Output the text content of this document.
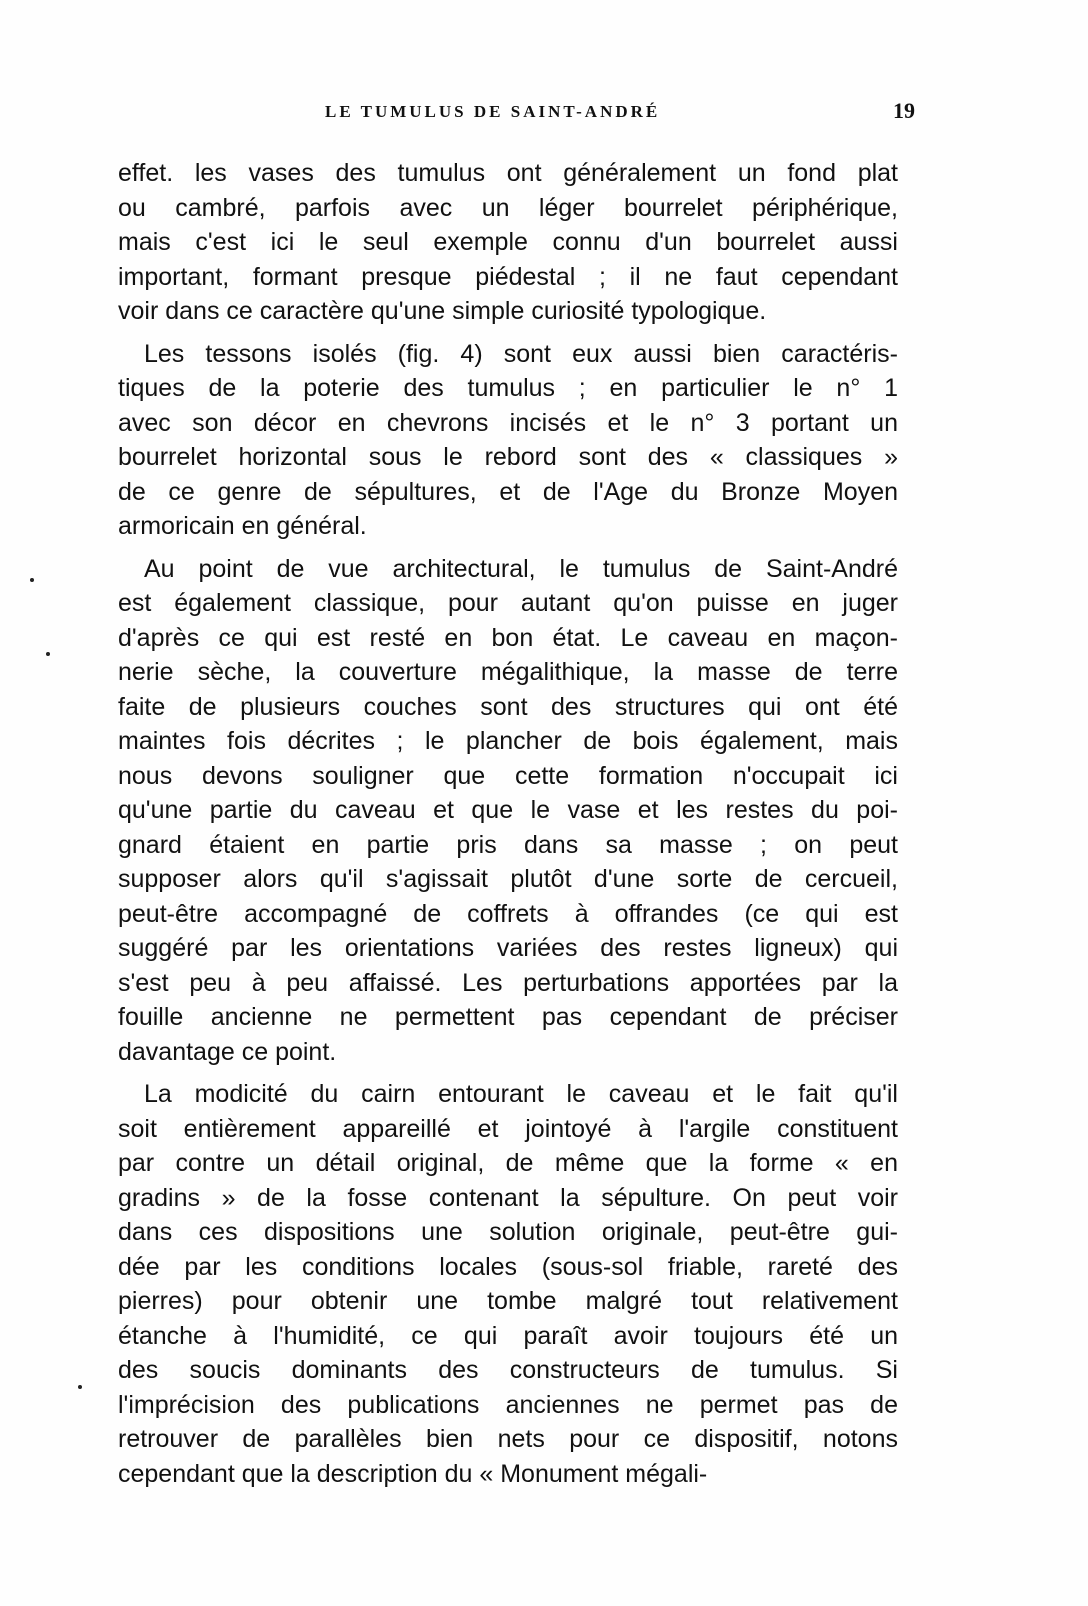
LE TUMULUS DE SAINT-ANDRÉ	19
effet. les vases des tumulus ont généralement un fond plat
ou cambré, parfois avec un léger bourrelet périphérique,
mais c'est ici le seul exemple connu d'un bourrelet aussi
important, formant presque piédestal ; il ne faut cependant
voir dans ce caractère qu'une simple curiosité typologique.
Les tessons isolés (fig. 4) sont eux aussi bien caractéris-
tiques de la poterie des tumulus ; en particulier le n° 1
avec son décor en chevrons incisés et le n° 3 portant un
bourrelet horizontal sous le rebord sont des « classiques »
de ce genre de sépultures, et de l'Age du Bronze Moyen
armoricain en général.
Au point de vue architectural, le tumulus de Saint-André
est également classique, pour autant qu'on puisse en juger
d'après ce qui est resté en bon état. Le caveau en maçon-
nerie sèche, la couverture mégalithique, la masse de terre
faite de plusieurs couches sont des structures qui ont été
maintes fois décrites ; le plancher de bois également, mais
nous devons souligner que cette formation n'occupait ici
qu'une partie du caveau et que le vase et les restes du poi-
gnard étaient en partie pris dans sa masse ; on peut
supposer alors qu'il s'agissait plutôt d'une sorte de cercueil,
peut-être accompagné de coffrets à offrandes (ce qui est
suggéré par les orientations variées des restes ligneux) qui
s'est peu à peu affaissé. Les perturbations apportées par la
fouille ancienne ne permettent pas cependant de préciser
davantage ce point.
La modicité du cairn entourant le caveau et le fait qu'il
soit entièrement appareillé et jointoyé à l'argile constituent
par contre un détail original, de même que la forme « en
gradins » de la fosse contenant la sépulture. On peut voir
dans ces dispositions une solution originale, peut-être gui-
dée par les conditions locales (sous-sol friable, rareté des
pierres) pour obtenir une tombe malgré tout relativement
étanche à l'humidité, ce qui paraît avoir toujours été un
des soucis dominants des constructeurs de tumulus. Si
l'imprécision des publications anciennes ne permet pas de
retrouver de parallèles bien nets pour ce dispositif, notons
cependant que la description du « Monument mégali-
